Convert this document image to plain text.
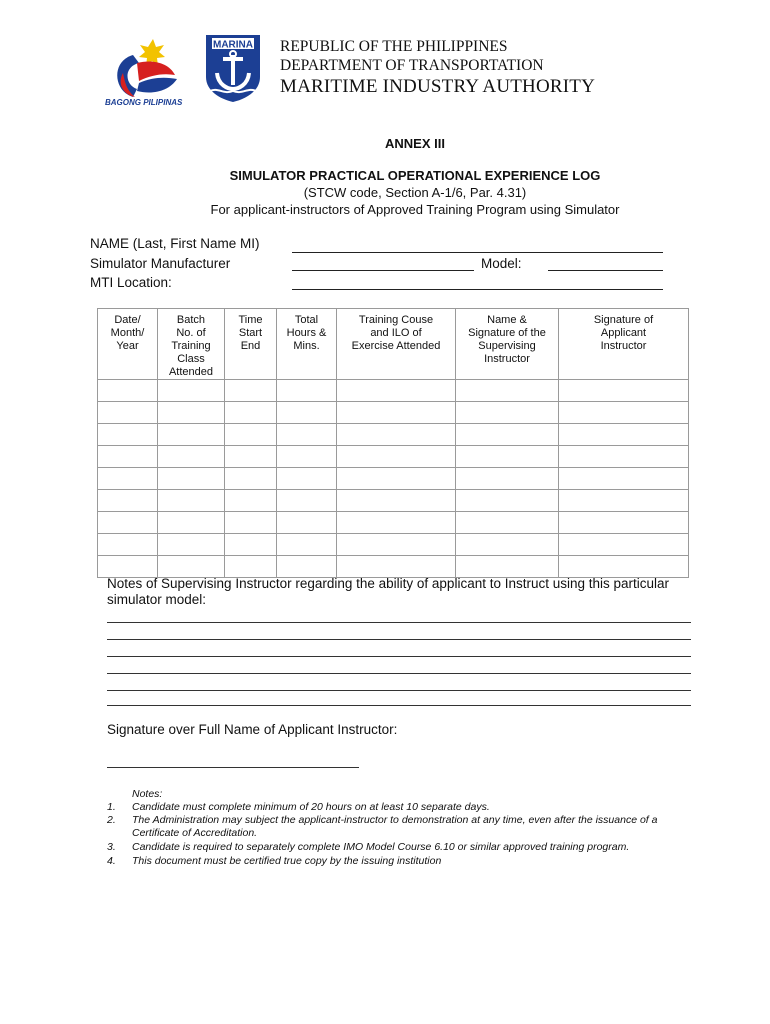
BAGONG PILIPINAS
MARINA REPUBLIC OF THE PHILIPPINES
DEPARTMENT OF TRANSPORTATION
MARITIME INDUSTRY AUTHORITY
ANNEX III
SIMULATOR PRACTICAL OPERATIONAL EXPERIENCE LOG
(STCW code, Section A-1/6, Par. 4.31)
For applicant-instructors of Approved Training Program using Simulator
NAME (Last, First Name MI)
Simulator Manufacturer	Model:
MTI Location:
Date/
Month/
Year	Batch
No. of
Training
Class
Attended	Time
Start
End	Total
Hours &
Mins.	Training Couse
and ILO of
Exercise Attended	Name &
Signature of the
Supervising
Instructor	Signature of
Applicant
Instructor

Notes of Supervising Instructor regarding the ability of applicant to Instruct using this particular simulator model:
Signature over Full Name of Applicant Instructor:
Notes:
1.	Candidate must complete minimum of 20 hours on at least 10 separate days.
2.	The Administration may subject the applicant-instructor to demonstration at any time, even after the issuance of a
Certificate of Accreditation.
3.	Candidate is required to separately complete IMO Model Course 6.10 or similar approved training program.
4.	This document must be certified true copy by the issuing institution
